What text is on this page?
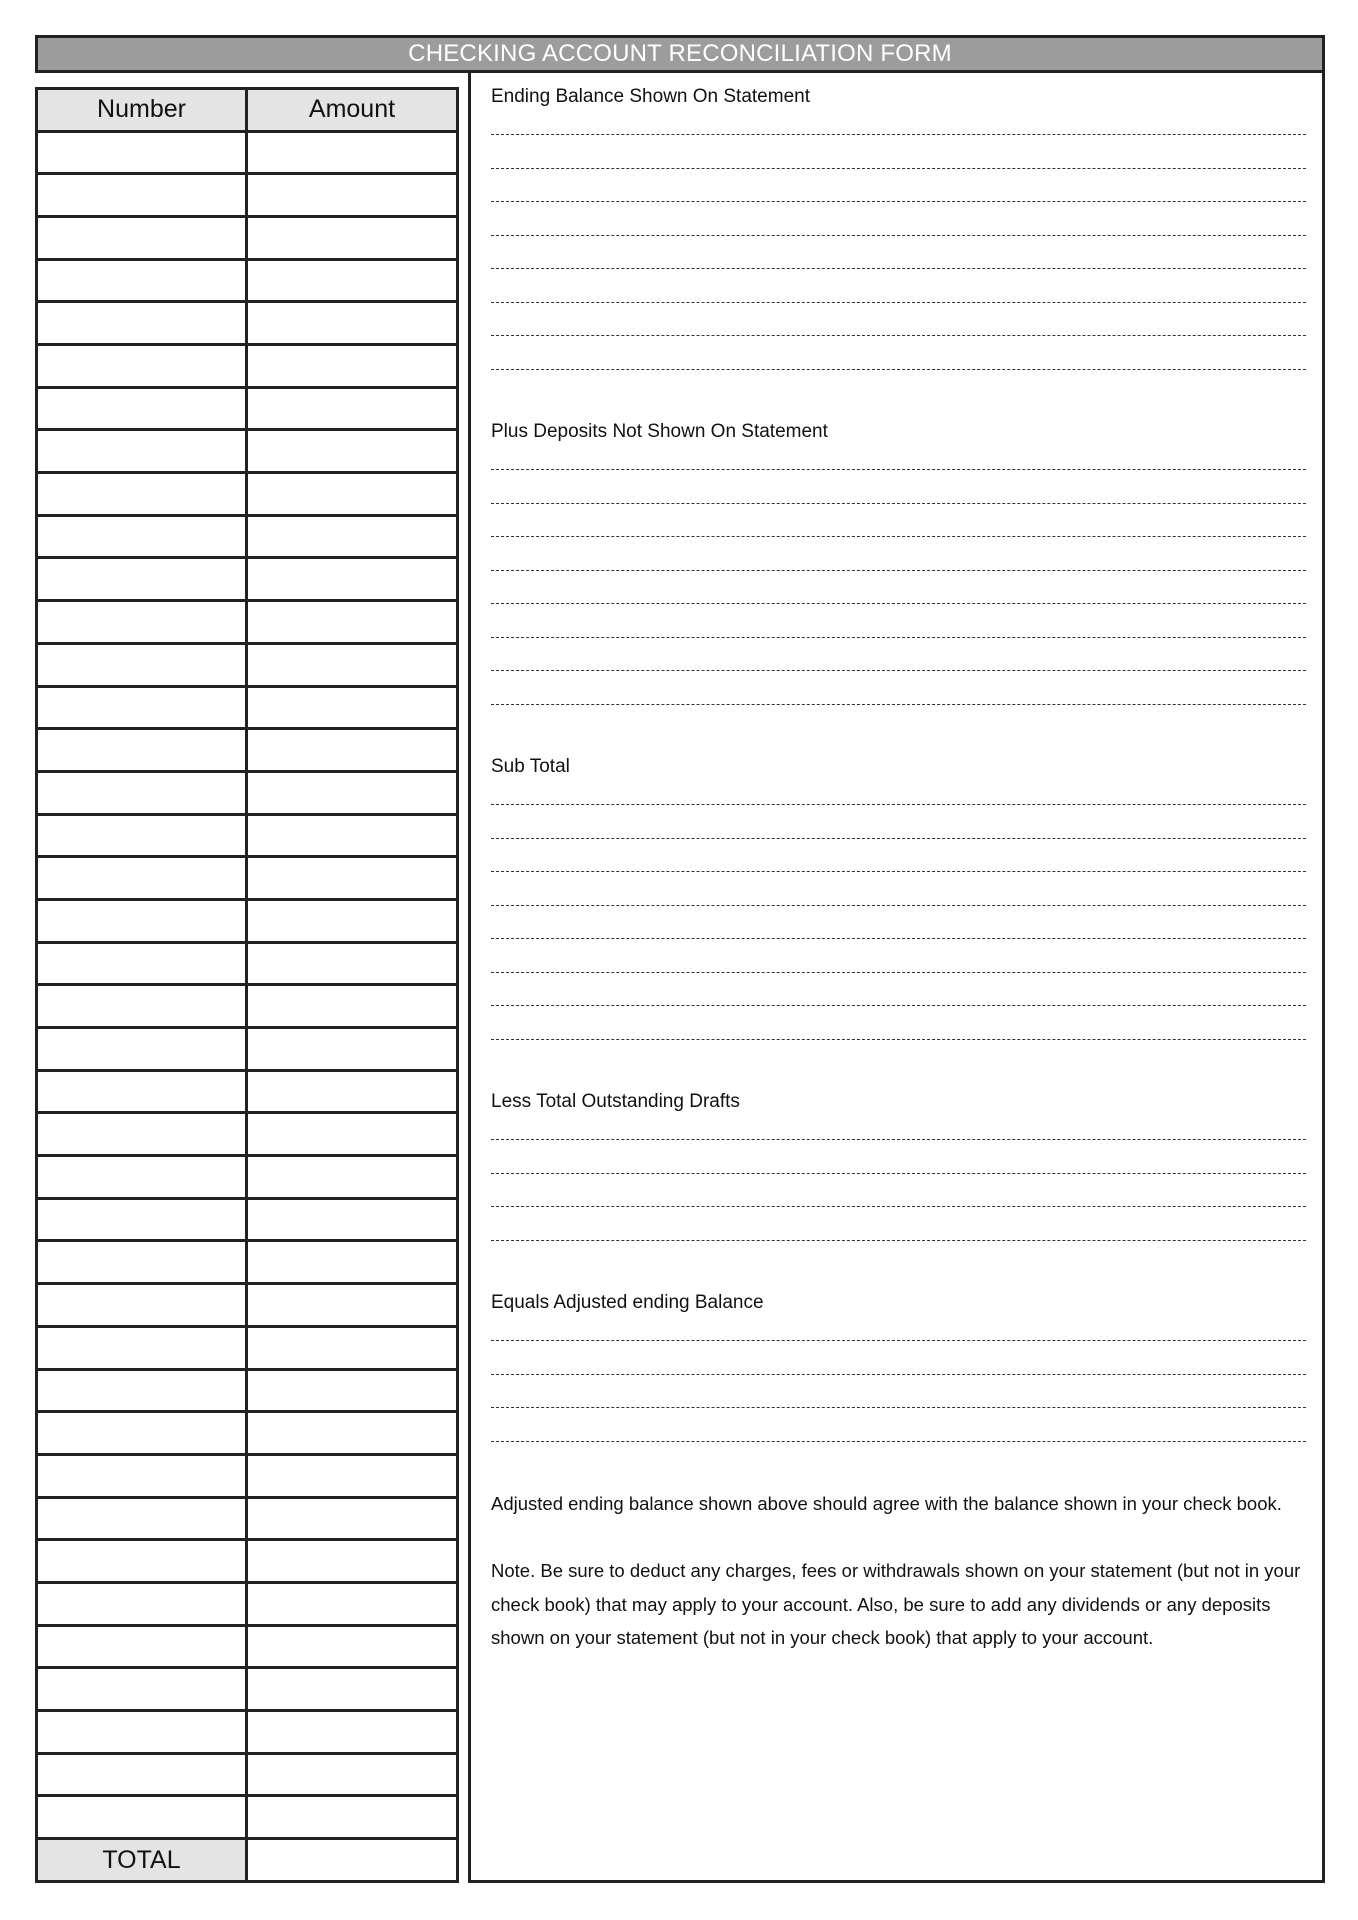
CHECKING ACCOUNT RECONCILIATION FORM
Number	Amount

TOTAL	
Ending Balance Shown On Statement
Plus Deposits Not Shown On Statement
Sub Total
Less Total Outstanding Drafts
Equals Adjusted ending Balance

Adjusted ending balance shown above should agree with the balance shown in your check book.

Note. Be sure to deduct any charges, fees or withdrawals shown on your statement (but not in your check book) that may apply to your account. Also, be sure to add any dividends or any deposits shown on your statement (but not in your check book) that apply to your account.
